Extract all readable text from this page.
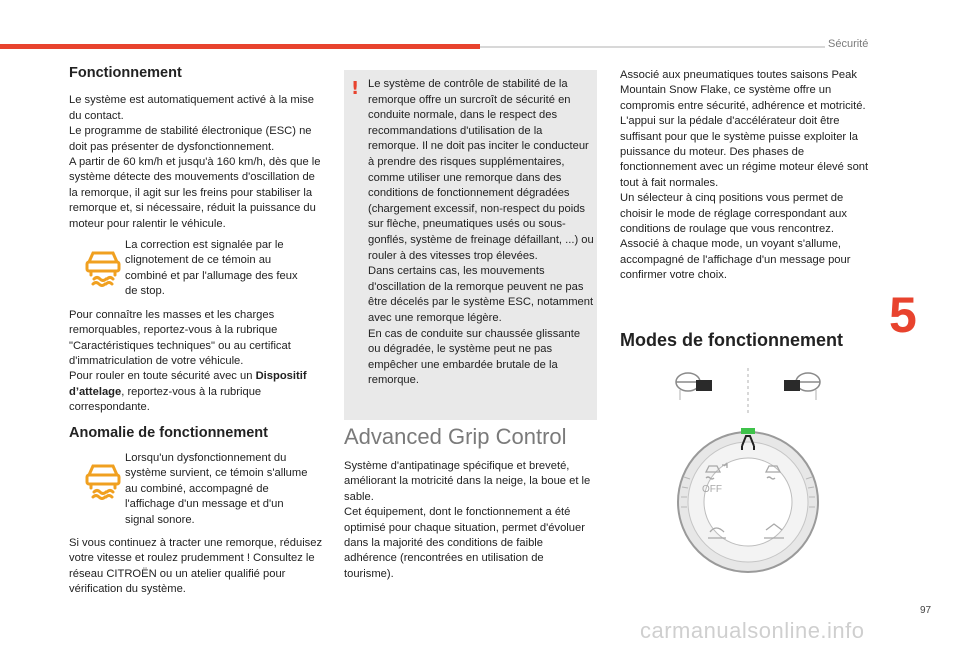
Sécurité
Fonctionnement

Le système est automatiquement activé à la mise du contact.

Le programme de stabilité électronique (ESC) ne doit pas présenter de dysfonctionnement.

A partir de 60 km/h et jusqu'à 160 km/h, dès que le système détecte des mouvements d'oscillation de la remorque, il agit sur les freins pour stabiliser la remorque et, si nécessaire, réduit la puissance du moteur pour ralentir le véhicule.

La correction est signalée par le clignotement de ce témoin au combiné et par l'allumage des feux de stop.

Pour connaître les masses et les charges remorquables, reportez-vous à la rubrique "Caractéristiques techniques" ou au certificat d'immatriculation de votre véhicule.

Pour rouler en toute sécurité avec un Dispositif d’attelage, reportez-vous à la rubrique correspondante.

Anomalie de fonctionnement

Lorsqu'un dysfonctionnement du système survient, ce témoin s'allume au combiné, accompagné de l'affichage d'un message et d'un signal sonore.

Si vous continuez à tracter une remorque, réduisez votre vitesse et roulez prudemment ! Consultez le réseau CITROËN ou un atelier qualifié pour vérification du système.

! Le système de contrôle de stabilité de la remorque offre un surcroît de sécurité en conduite normale, dans le respect des recommandations d'utilisation de la remorque. Il ne doit pas inciter le conducteur à prendre des risques supplémentaires, comme utiliser une remorque dans des conditions de fonctionnement dégradées (chargement excessif, non-respect du poids sur flèche, pneumatiques usés ou sous-gonflés, système de freinage défaillant, ...) ou rouler à des vitesses trop élevées.

Dans certains cas, les mouvements d'oscillation de la remorque peuvent ne pas être décelés par le système ESC, notamment avec une remorque légère.

En cas de conduite sur chaussée glissante ou dégradée, le système peut ne pas empêcher une embardée brutale de la remorque.

Advanced Grip Control

Système d'antipatinage spécifique et breveté, améliorant la motricité dans la neige, la boue et le sable.

Cet équipement, dont le fonctionnement a été optimisé pour chaque situation, permet d'évoluer dans la majorité des conditions de faible adhérence (rencontrées en utilisation de tourisme).

Associé aux pneumatiques toutes saisons Peak Mountain Snow Flake, ce système offre un compromis entre sécurité, adhérence et motricité.

L'appui sur la pédale d'accélérateur doit être suffisant pour que le système puisse exploiter la puissance du moteur. Des phases de fonctionnement avec un régime moteur élevé sont tout à fait normales.

Un sélecteur à cinq positions vous permet de choisir le mode de réglage correspondant aux conditions de roulage que vous rencontrez.

Associé à chaque mode, un voyant s'allume, accompagné de l'affichage d'un message pour confirmer votre choix.

Modes de fonctionnement
OFF
5
97
carmanualsonline.info
